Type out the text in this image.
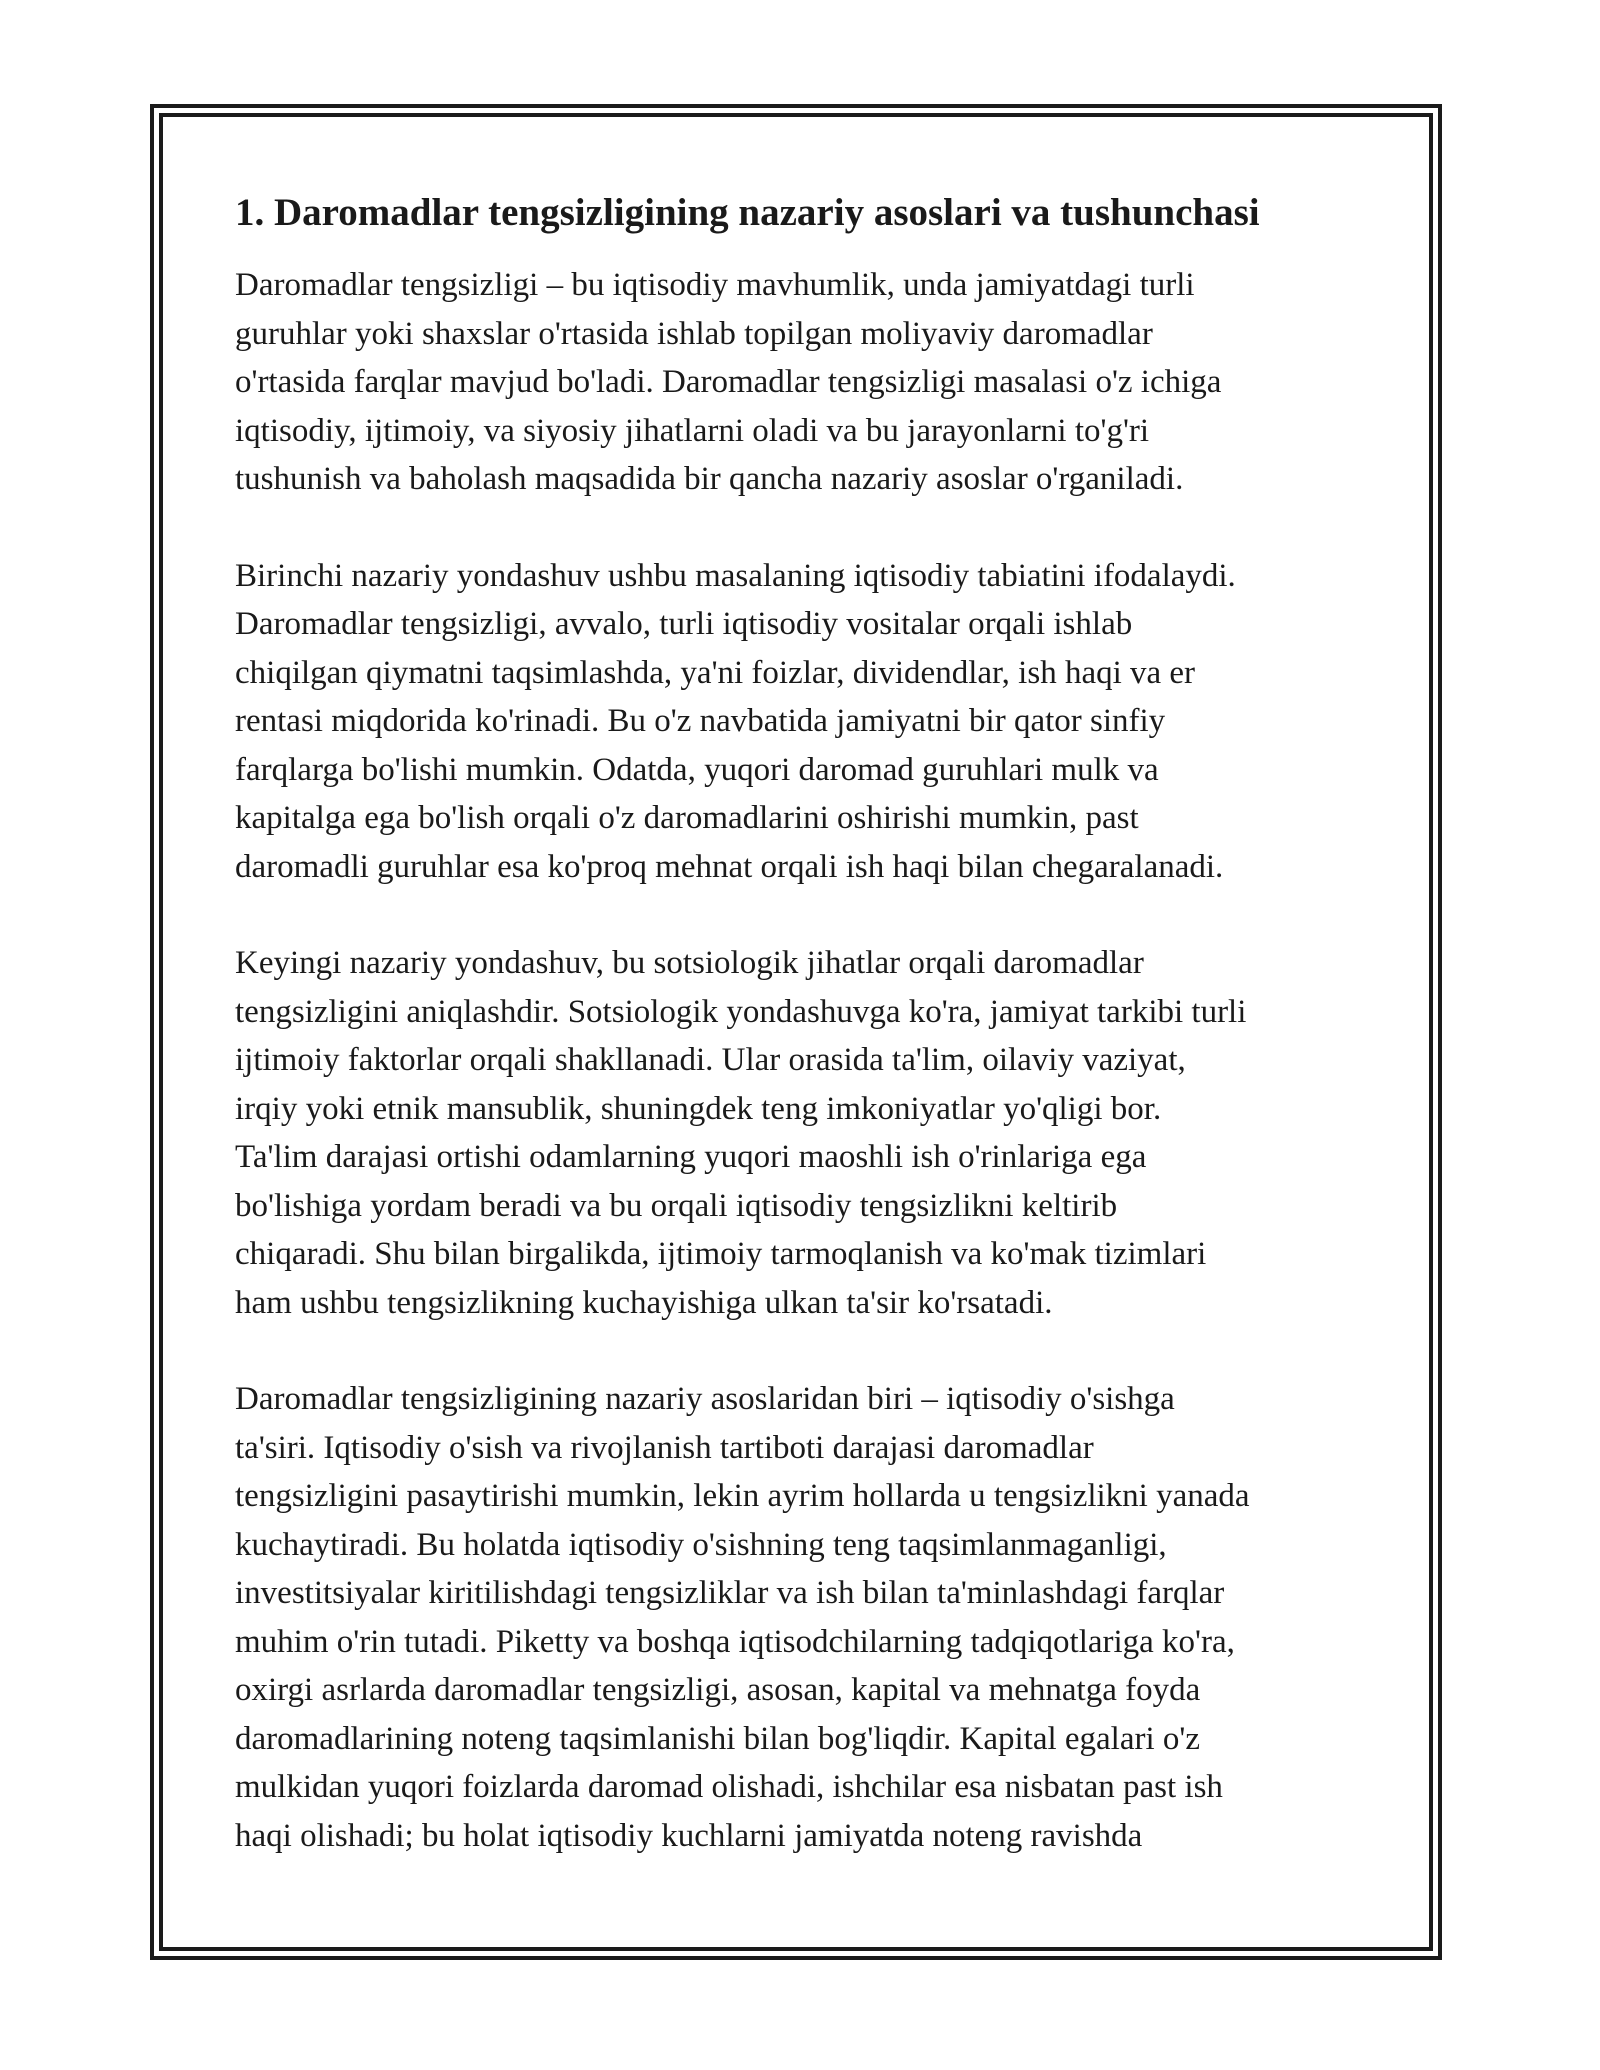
1. Daromadlar tengsizligining nazariy asoslari va tushunchasi

Daromadlar tengsizligi – bu iqtisodiy mavhumlik, unda jamiyatdagi turli
guruhlar yoki shaxslar o'rtasida ishlab topilgan moliyaviy daromadlar
o'rtasida farqlar mavjud bo'ladi. Daromadlar tengsizligi masalasi o'z ichiga
iqtisodiy, ijtimoiy, va siyosiy jihatlarni oladi va bu jarayonlarni to'g'ri
tushunish va baholash maqsadida bir qancha nazariy asoslar o'rganiladi.

Birinchi nazariy yondashuv ushbu masalaning iqtisodiy tabiatini ifodalaydi.
Daromadlar tengsizligi, avvalo, turli iqtisodiy vositalar orqali ishlab
chiqilgan qiymatni taqsimlashda, ya'ni foizlar, dividendlar, ish haqi va er
rentasi miqdorida ko'rinadi. Bu o'z navbatida jamiyatni bir qator sinfiy
farqlarga bo'lishi mumkin. Odatda, yuqori daromad guruhlari mulk va
kapitalga ega bo'lish orqali o'z daromadlarini oshirishi mumkin, past
daromadli guruhlar esa ko'proq mehnat orqali ish haqi bilan chegaralanadi.

Keyingi nazariy yondashuv, bu sotsiologik jihatlar orqali daromadlar
tengsizligini aniqlashdir. Sotsiologik yondashuvga ko'ra, jamiyat tarkibi turli
ijtimoiy faktorlar orqali shakllanadi. Ular orasida ta'lim, oilaviy vaziyat,
irqiy yoki etnik mansublik, shuningdek teng imkoniyatlar yo'qligi bor.
Ta'lim darajasi ortishi odamlarning yuqori maoshli ish o'rinlariga ega
bo'lishiga yordam beradi va bu orqali iqtisodiy tengsizlikni keltirib
chiqaradi. Shu bilan birgalikda, ijtimoiy tarmoqlanish va ko'mak tizimlari
ham ushbu tengsizlikning kuchayishiga ulkan ta'sir ko'rsatadi.

Daromadlar tengsizligining nazariy asoslaridan biri – iqtisodiy o'sishga
ta'siri. Iqtisodiy o'sish va rivojlanish tartiboti darajasi daromadlar
tengsizligini pasaytirishi mumkin, lekin ayrim hollarda u tengsizlikni yanada
kuchaytiradi. Bu holatda iqtisodiy o'sishning teng taqsimlanmaganligi,
investitsiyalar kiritilishdagi tengsizliklar va ish bilan ta'minlashdagi farqlar
muhim o'rin tutadi. Piketty va boshqa iqtisodchilarning tadqiqotlariga ko'ra,
oxirgi asrlarda daromadlar tengsizligi, asosan, kapital va mehnatga foyda
daromadlarining noteng taqsimlanishi bilan bog'liqdir. Kapital egalari o'z
mulkidan yuqori foizlarda daromad olishadi, ishchilar esa nisbatan past ish
haqi olishadi; bu holat iqtisodiy kuchlarni jamiyatda noteng ravishda
